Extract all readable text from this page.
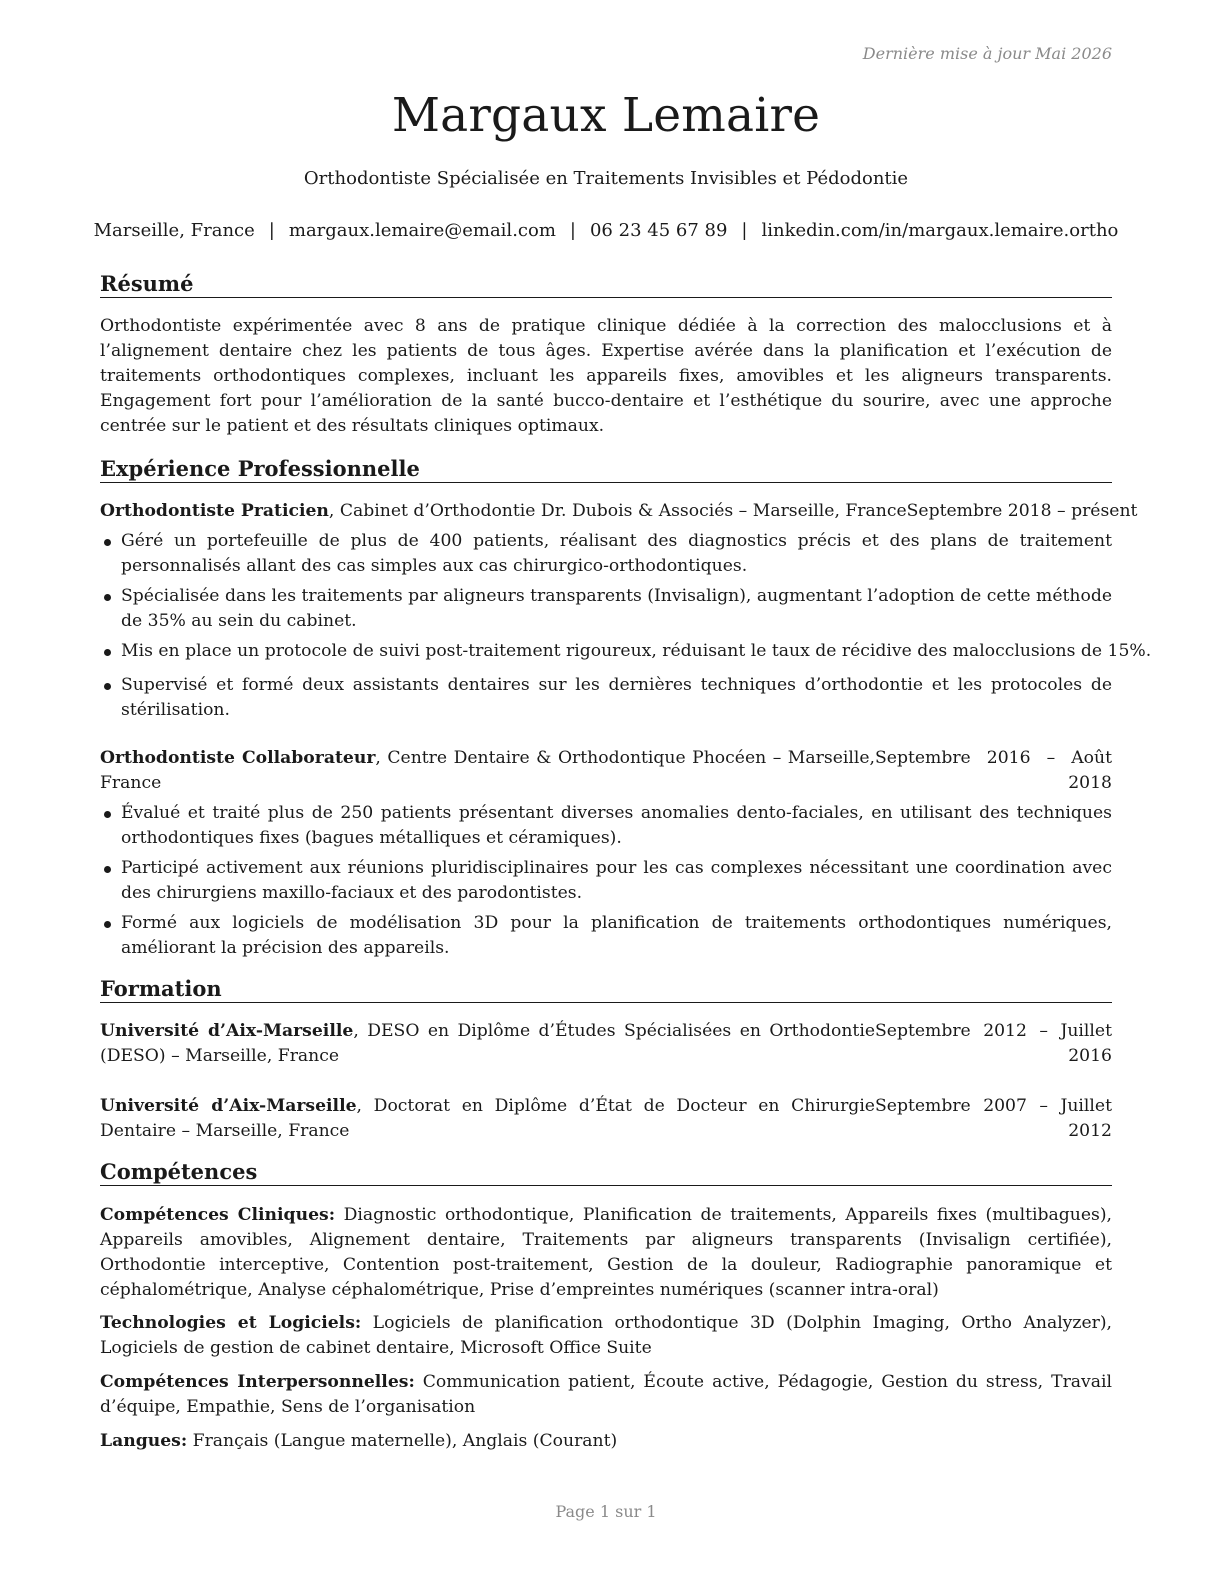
Dernière mise à jour Mai 2026
Margaux Lemaire
Orthodontiste Spécialisée en Traitements Invisibles et Pédodontie
Marseille, France | margaux.lemaire@email.com | 06 23 45 67 89 | linkedin.com/in/margaux.lemaire.ortho
Résumé
Orthodontiste expérimentée avec 8 ans de pratique clinique dédiée à la correction des malocclusions et à l’alignement dentaire chez les patients de tous âges. Expertise avérée dans la planification et l’exécution de traitements orthodontiques complexes, incluant les appareils fixes, amovibles et les aligneurs transparents. Engagement fort pour l’amélioration de la santé bucco-dentaire et l’esthétique du sourire, avec une approche centrée sur le patient et des résultats cliniques optimaux.
Expérience Professionnelle
Orthodontiste Praticien, Cabinet d’Orthodontie Dr. Dubois & Associés – Marseille, France Septembre 2018 – présent
Géré un portefeuille de plus de 400 patients, réalisant des diagnostics précis et des plans de traitement personnalisés allant des cas simples aux cas chirurgico-orthodontiques.
Spécialisée dans les traitements par aligneurs transparents (Invisalign), augmentant l’adoption de cette méthode de 35% au sein du cabinet.
Mis en place un protocole de suivi post-traitement rigoureux, réduisant le taux de récidive des malocclusions de 15%.
Supervisé et formé deux assistants dentaires sur les dernières techniques d’orthodontie et les protocoles de stérilisation.
Orthodontiste Collaborateur, Centre Dentaire & Orthodontique Phocéen – Marseille, France
Septembre 2016 – Août 2018
Évalué et traité plus de 250 patients présentant diverses anomalies dento-faciales, en utilisant des techniques orthodontiques fixes (bagues métalliques et céramiques).
Participé activement aux réunions pluridisciplinaires pour les cas complexes nécessitant une coordination avec des chirurgiens maxillo-faciaux et des parodontistes.
Formé aux logiciels de modélisation 3D pour la planification de traitements orthodontiques numériques, améliorant la précision des appareils.
Formation
Université d’Aix-Marseille, DESO en Diplôme d’Études Spécialisées en Orthodontie (DESO) – Marseille, France
Septembre 2012 – Juillet 2016
Université d’Aix-Marseille, Doctorat en Diplôme d’État de Docteur en Chirurgie Dentaire – Marseille, France
Septembre 2007 – Juillet 2012
Compétences
Compétences Cliniques: Diagnostic orthodontique, Planification de traitements, Appareils fixes (multibagues), Appareils amovibles, Alignement dentaire, Traitements par aligneurs transparents (Invisalign certifiée), Orthodontie interceptive, Contention post-traitement, Gestion de la douleur, Radiographie panoramique et céphalométrique, Analyse céphalométrique, Prise d’empreintes numériques (scanner intra-oral)
Technologies et Logiciels: Logiciels de planification orthodontique 3D (Dolphin Imaging, Ortho Analyzer), Logiciels de gestion de cabinet dentaire, Microsoft Office Suite
Compétences Interpersonnelles: Communication patient, Écoute active, Pédagogie, Gestion du stress, Travail d’équipe, Empathie, Sens de l’organisation
Langues: Français (Langue maternelle), Anglais (Courant)
Page 1 sur 1
